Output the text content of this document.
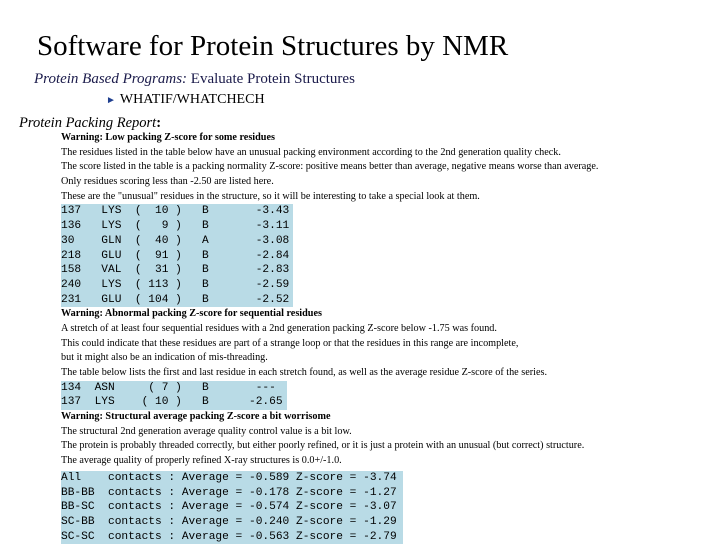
Software for Protein Structures by NMR
Protein Based Programs: Evaluate Protein Structures
► WHATIF/WHATCHECH
Protein Packing Report:
Warning: Low packing Z-score for some residues
The residues listed in the table below have an unusual packing environment according to the 2nd generation quality check.
The score listed in the table is a packing normality Z-score: positive means better than average, negative means worse than average.
Only residues scoring less than -2.50 are listed here.
These are the "unusual" residues in the structure, so it will be interesting to take a special look at them.
137   LYS  (  10 )   B       -3.43
136   LYS  (   9 )   B       -3.11
30    GLN  (  40 )   A       -3.08
218   GLU  (  91 )   B       -2.84
158   VAL  (  31 )   B       -2.83
240   LYS  ( 113 )   B       -2.59
231   GLU  ( 104 )   B       -2.52
Warning: Abnormal packing Z-score for sequential residues
A stretch of at least four sequential residues with a 2nd generation packing Z-score below -1.75 was found.
This could indicate that these residues are part of a strange loop or that the residues in this range are incomplete,
but it might also be an indication of mis-threading.
The table below lists the first and last residue in each stretch found, as well as the average residue Z-score of the series.
134  ASN     ( 7 )   B       ---
137  LYS    ( 10 )   B      -2.65
Warning: Structural average packing Z-score a bit worrisome
The structural 2nd generation average quality control value is a bit low.
The protein is probably threaded correctly, but either poorly refined, or it is just a protein with an unusual (but correct) structure.
The average quality of properly refined X-ray structures is 0.0+/-1.0.
All    contacts : Average = -0.589 Z-score = -3.74
BB-BB  contacts : Average = -0.178 Z-score = -1.27
BB-SC  contacts : Average = -0.574 Z-score = -3.07
SC-BB  contacts : Average = -0.240 Z-score = -1.29
SC-SC  contacts : Average = -0.563 Z-score = -2.79
